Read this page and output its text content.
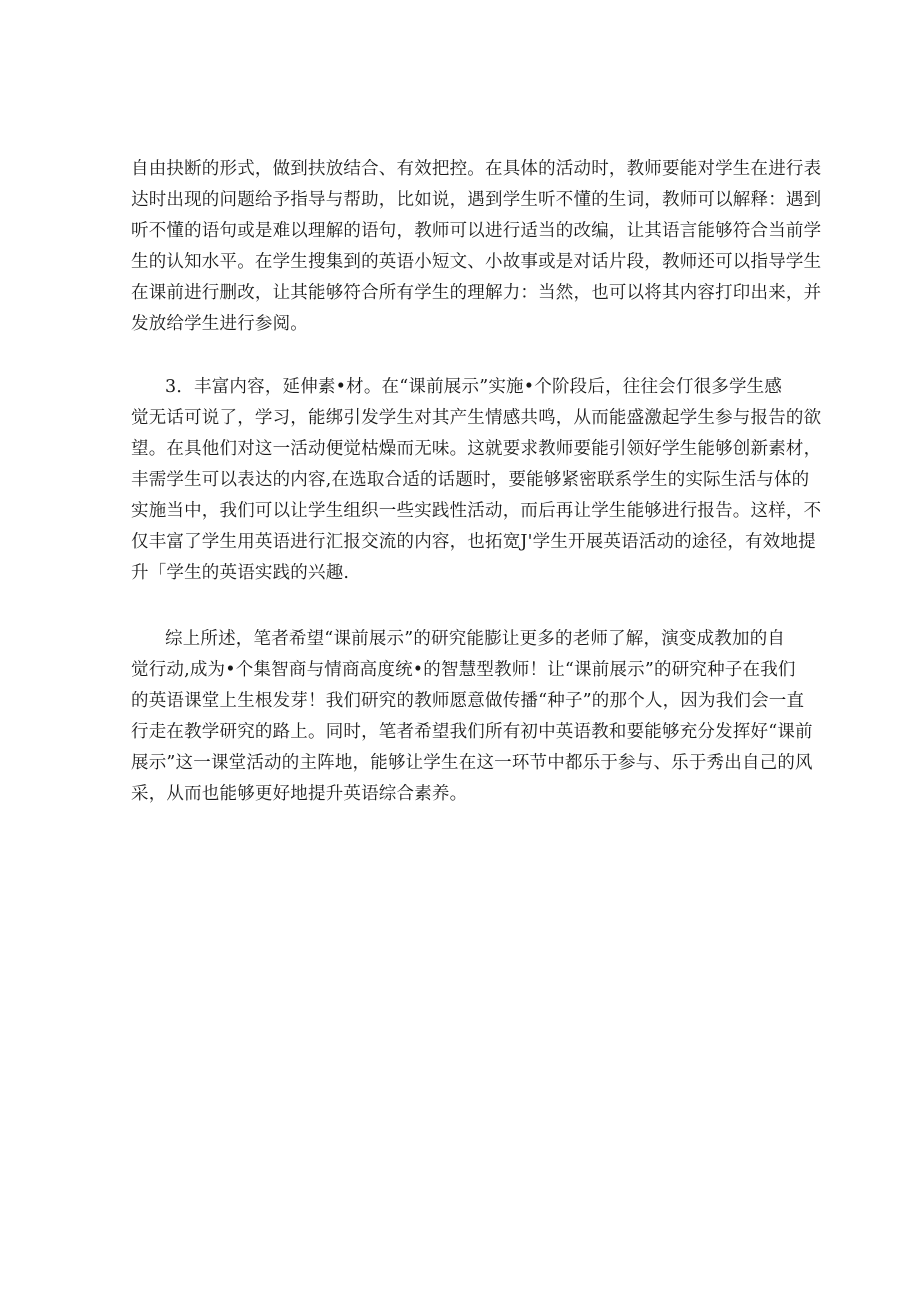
自由抉断的形式，做到扶放结合、有效把控。在具体的活动时，教师要能对学生在进行表
达时出现的问题给予指导与帮助，比如说，遇到学生听不懂的生词，教师可以解释：遇到
听不懂的语句或是难以理解的语句，教师可以进行适当的改编，让其语言能够符合当前学
生的认知水平。在学生搜集到的英语小短文、小故事或是对话片段，教师还可以指导学生
在课前进行删改，让其能够符合所有学生的理解力：当然，也可以将其内容打印出来，并
发放给学生进行参阅。
3．丰富内容，延伸素•材。在“课前展示”实施•个阶段后，往往会仃很多学生感
觉无话可说了，学习，能绑引发学生对其产生情感共鸣，从而能盛激起学生参与报告的欲
望。在具他们对这一活动便觉枯燥而无味。这就要求教师要能引领好学生能够创新素材，
丰需学生可以表达的内容,在选取合适的话题时，要能够紧密联系学生的实际生活与体的
实施当中，我们可以让学生组织一些实践性活动，而后再让学生能够进行报告。这样，不
仅丰富了学生用英语进行汇报交流的内容，也拓宽J'学生开展英语活动的途径，有效地提
升「学生的英语实践的兴趣.
综上所述，笔者希望“课前展示”的研究能膨让更多的老师了解，演变成教加的自
觉行动,成为•个集智商与情商高度统•的智慧型教师！让“课前展示”的研究种子在我们
的英语课堂上生根发芽！我们研究的教师愿意做传播“种子”的那个人，因为我们会一直
行走在教学研究的路上。同时，笔者希望我们所有初中英语教和要能够充分发挥好“课前
展示”这一课堂活动的主阵地，能够让学生在这一环节中都乐于参与、乐于秀出自己的风
采，从而也能够更好地提升英语综合素养。
